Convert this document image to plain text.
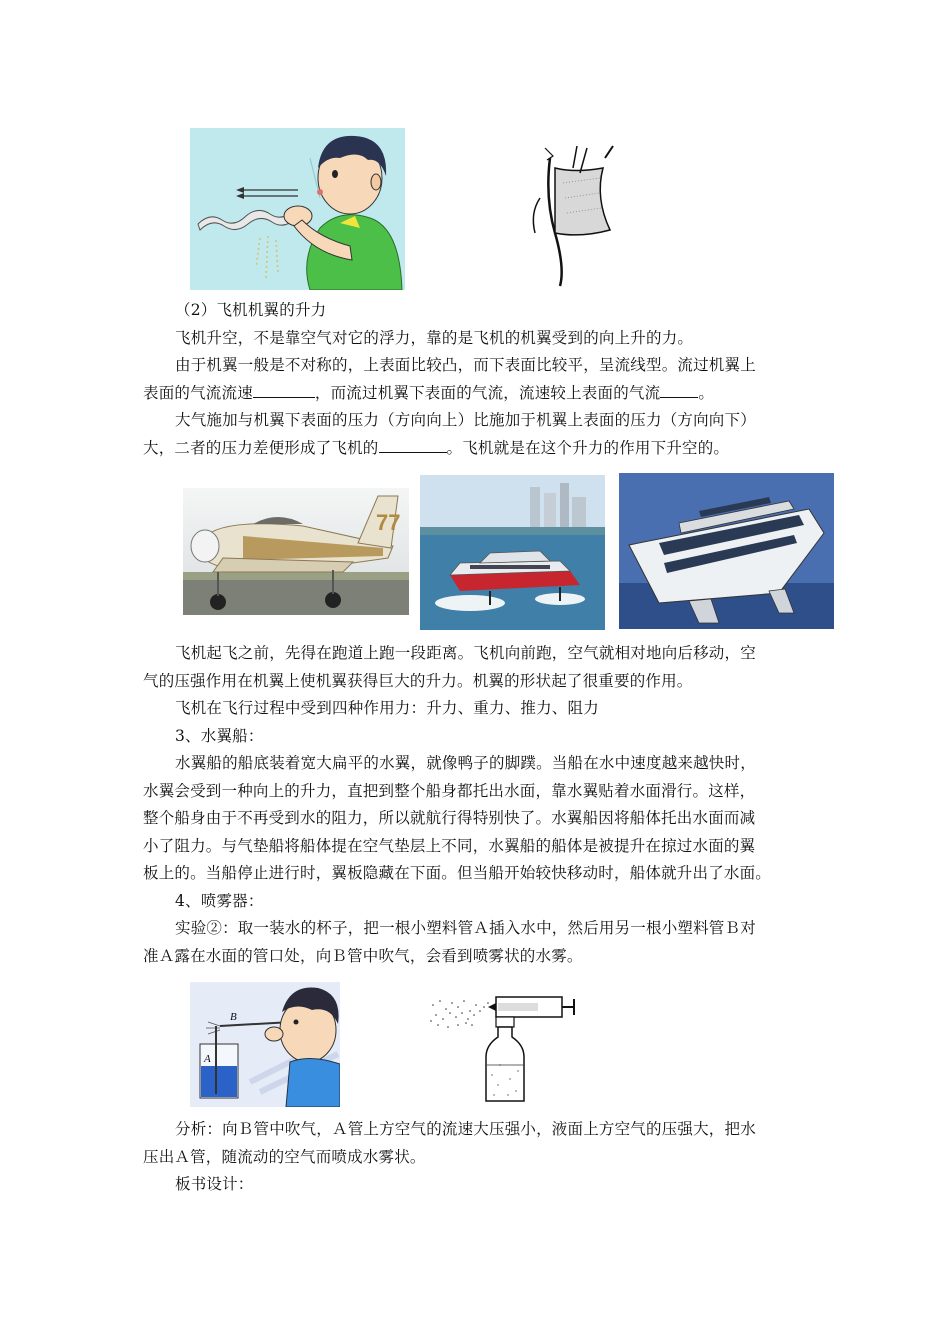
（2）飞机机翼的升力
飞机升空，不是靠空气对它的浮力，靠的是飞机的机翼受到的向上升的力。
由于机翼一般是不对称的，上表面比较凸，而下表面比较平，呈流线型。流过机翼上
表面的气流流速	，而流过机翼下表面的气流，流速较上表面的气流 。
大气施加与机翼下表面的压力（方向向上）比施加于机翼上表面的压力（方向向下）
大，二者的压力差便形成了飞机的	。飞机就是在这个升力的作用下升空的。
77
飞机起飞之前，先得在跑道上跑一段距离。飞机向前跑，空气就相对地向后移动，空
气的压强作用在机翼上使机翼获得巨大的升力。机翼的形状起了很重要的作用。
飞机在飞行过程中受到四种作用力：升力、重力、推力、阻力
3、水翼船：
水翼船的船底装着宽大扁平的水翼，就像鸭子的脚蹼。当船在水中速度越来越快时，
水翼会受到一种向上的升力，直把到整个船身都托出水面，靠水翼贴着水面滑行。这样，
整个船身由于不再受到水的阻力，所以就航行得特别快了。水翼船因将船体托出水面而减
小了阻力。与气垫船将船体提在空气垫层上不同，水翼船的船体是被提升在掠过水面的翼
板上的。当船停止进行时，翼板隐藏在下面。但当船开始较快移动时，船体就升出了水面。
4、喷雾器：
实验②：取一装水的杯子，把一根小塑料管Ａ插入水中，然后用另一根小塑料管Ｂ对
准Ａ露在水面的管口处，向Ｂ管中吹气，会看到喷雾状的水雾。
B
A
分析：向Ｂ管中吹气，Ａ管上方空气的流速大压强小，液面上方空气的压强大，把水
压出Ａ管，随流动的空气而喷成水雾状。
板书设计：
